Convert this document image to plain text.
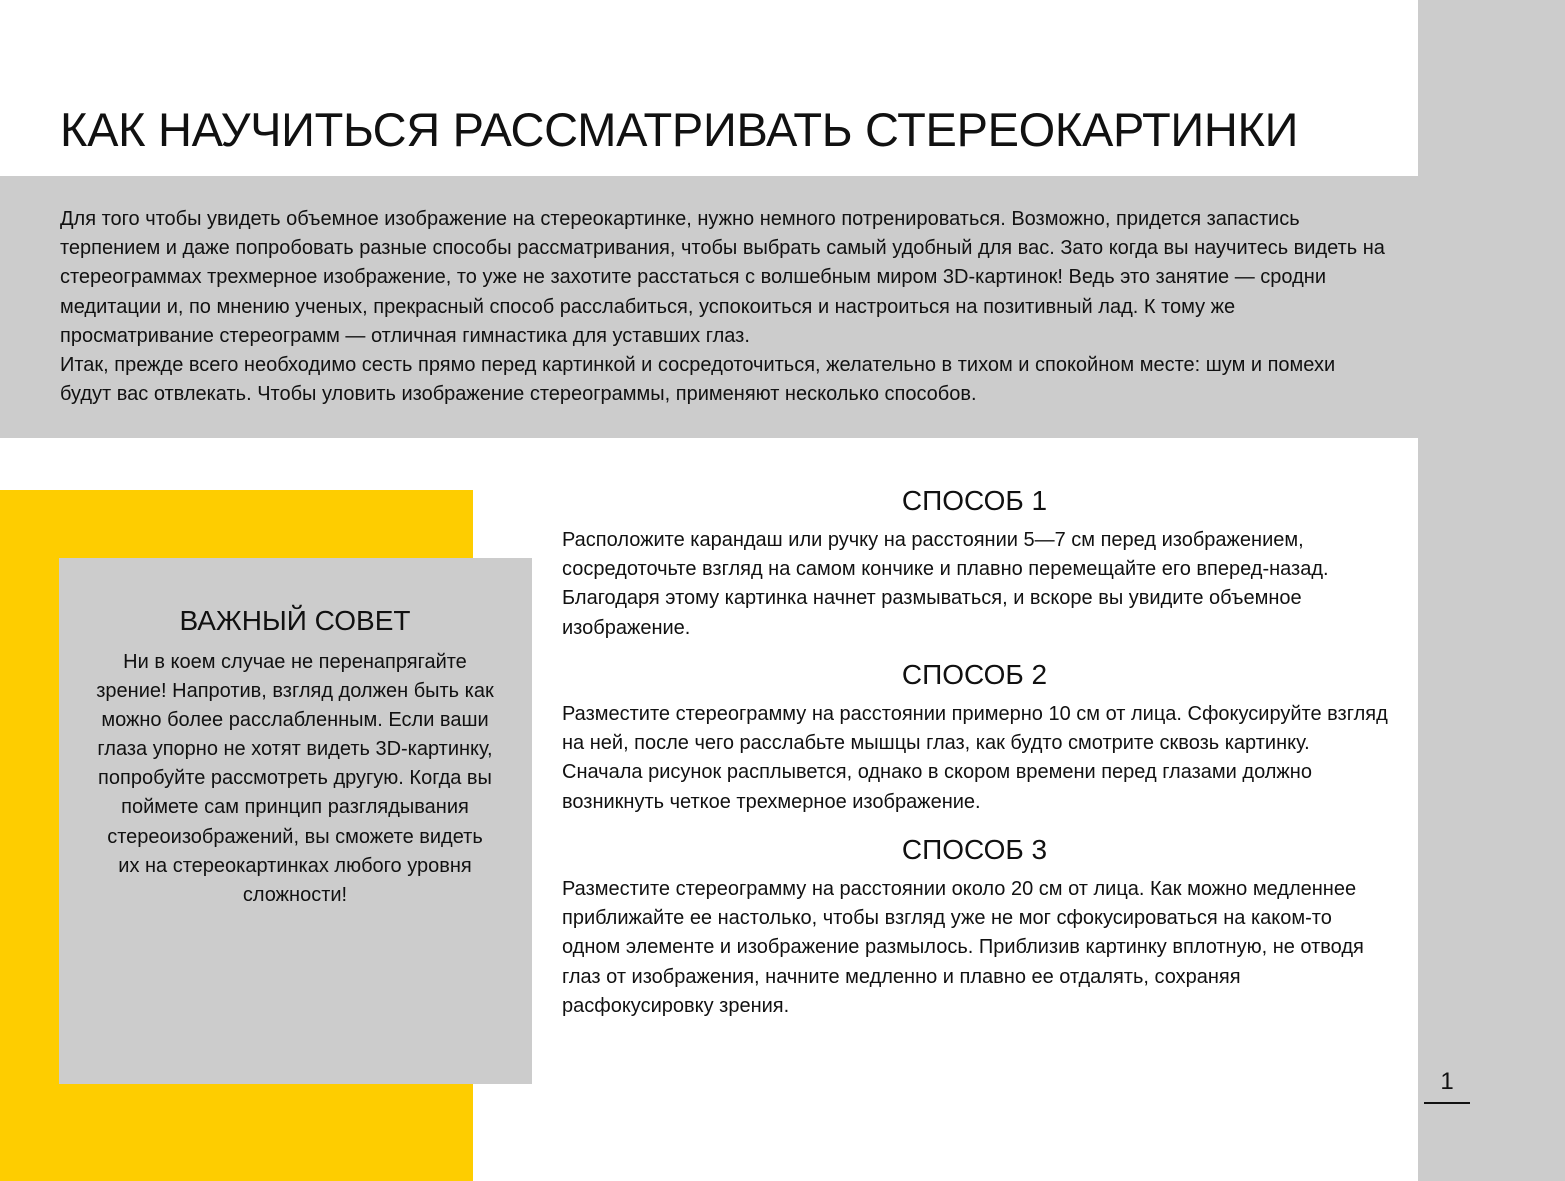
1
КАК НАУЧИТЬСЯ РАССМАТРИВАТЬ СТЕРЕОКАРТИНКИ

Для того чтобы увидеть объемное изображение на стереокартинке, нужно немного потренироваться. Возможно, придется запастись терпением и даже попробовать разные способы рассматривания, чтобы выбрать самый удобный для вас. Зато когда вы научитесь видеть на стереограммах трехмерное изображение, то уже не захотите расстаться с волшебным миром 3D-картинок! Ведь это занятие — сродни медитации и, по мнению ученых, прекрасный способ расслабиться, успокоиться и настроиться на позитивный лад. К тому же просматривание стереограмм — отличная гимнастика для уставших глаз.

Итак, прежде всего необходимо сесть прямо перед картинкой и сосредоточиться, желательно в тихом и спокойном месте: шум и помехи будут вас отвлекать. Чтобы уловить изображение стереограммы, применяют несколько способов.

ВАЖНЫЙ СОВЕТ

Ни в коем случае не перенапрягайте зрение! Напротив, взгляд должен быть как можно более расслабленным. Если ваши глаза упорно не хотят видеть 3D-картинку, попробуйте рассмотреть другую. Когда вы поймете сам принцип разглядывания стереоизображений, вы сможете видеть их на стереокартинках любого уровня сложности!

СПОСОБ 1

Расположите карандаш или ручку на расстоянии 5—7 см перед изображением, сосредоточьте взгляд на самом кончике и плавно перемещайте его вперед-назад. Благодаря этому картинка начнет размываться, и вскоре вы увидите объемное изображение.

СПОСОБ 2

Разместите стереограмму на расстоянии примерно 10 см от лица. Сфокусируйте взгляд на ней, после чего расслабьте мышцы глаз, как будто смотрите сквозь картинку. Сначала рисунок расплывется, однако в скором времени перед глазами должно возникнуть четкое трехмерное изображение.

СПОСОБ 3

Разместите стереограмму на расстоянии около 20 см от лица. Как можно медленнее приближайте ее настолько, чтобы взгляд уже не мог сфокусироваться на каком-то одном элементе и изображение размылось. Приблизив картинку вплотную, не отводя глаз от изображения, начните медленно и плавно ее отдалять, сохраняя расфокусировку зрения.
